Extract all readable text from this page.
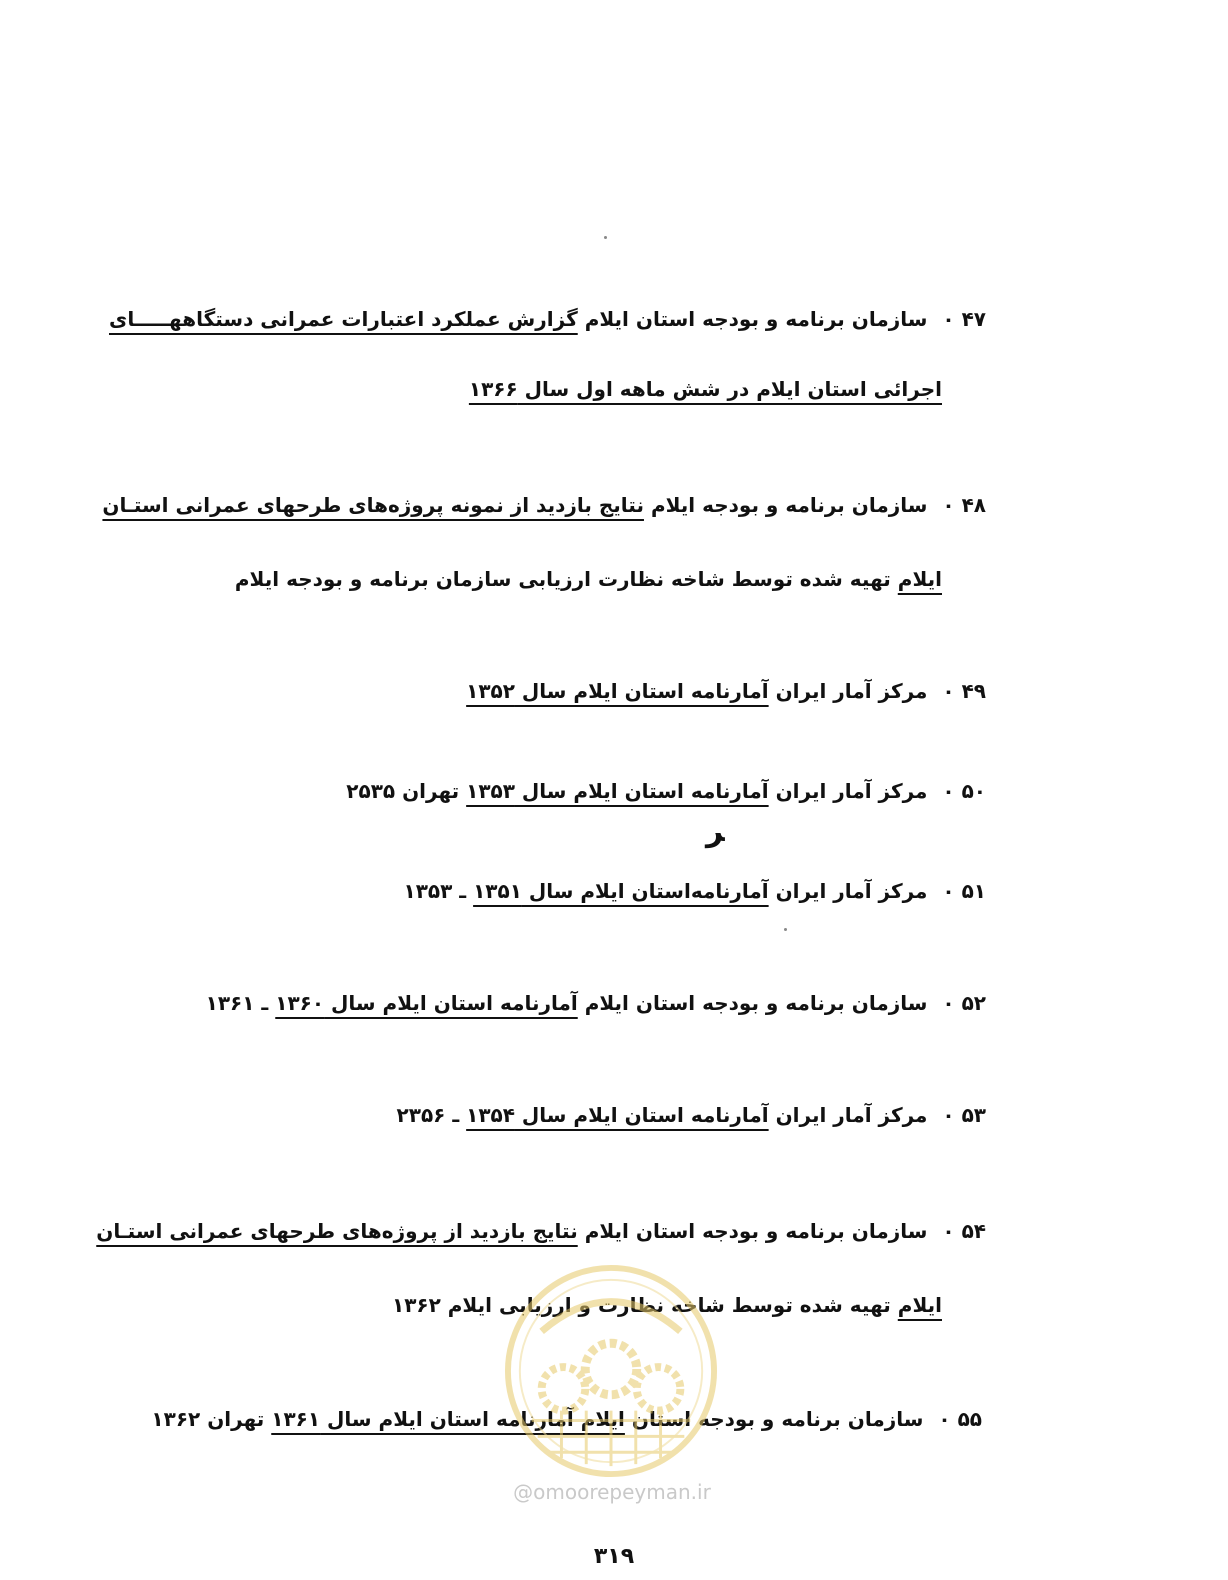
۴۷ ۰ سازمان برنامه و بودجه استان ایلام گزارش عملکرد اعتبارات عمرانی دستگاههـــــای
اجرائی استان ایلام در شش ماهه اول سال ۱۳۶۶
۴۸ ۰ سازمان برنامه و بودجه ایلام نتایج بازدید از نمونه پروژه‌های طرحهای عمرانی استـان
ایلام تهیه شده توسط شاخه نظارت ارزیابی سازمان برنامه و بودجه ایلام
۴۹ ۰ مرکز آمار ایران آمارنامه استان ایلام سال ۱۳۵۲
۵۰ ۰ مرکز آمار ایران آمارنامه استان ایلام سال ۱۳۵۳ تهران ۲۵۳۵
ﺮ
۵۱ ۰ مرکز آمار ایران آمارنامه‌استان ایلام سال ۱۳۵۱ ـ ۱۳۵۳
۵۲ ۰ سازمان برنامه و بودجه استان ایلام آمارنامه استان ایلام سال ۱۳۶۰ ـ ۱۳۶۱
۵۳ ۰ مرکز آمار ایران آمارنامه استان ایلام سال ۱۳۵۴ ـ ۲۳۵۶
۵۴ ۰ سازمان برنامه و بودجه استان ایلام نتایج بازدید از پروژه‌های طرحهای عمرانی استـان
ایلام تهیه شده توسط شاخه نظارت و ارزیابی ایلام ۱۳۶۲
۵۵ ۰ سازمان برنامه و بودجه استان ایلام آمارنامه استان ایلام سال ۱۳۶۱ تهران ۱۳۶۲
@omoorepeyman.ir
۳۱۹
